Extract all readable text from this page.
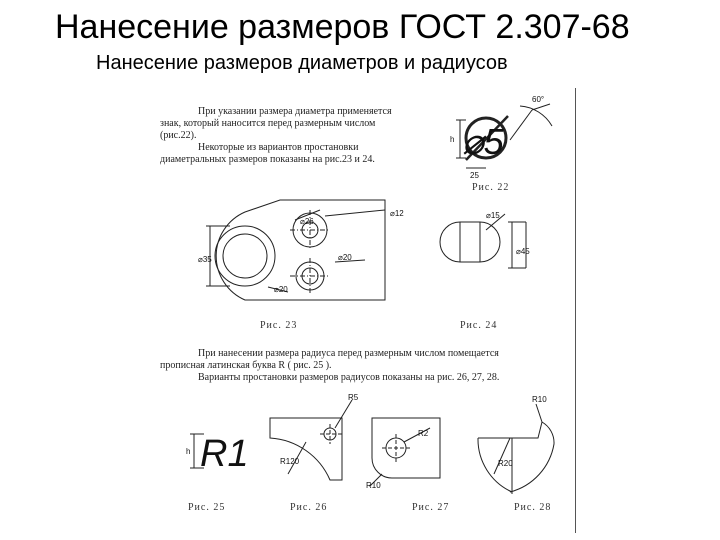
Нанесение размеров ГОСТ 2.307-68
Нанесение размеров диаметров и радиусов
При указании размера диаметра применяется
знак, который наносится перед размерным числом
(рис.22).
Некоторые из вариантов простановки
диаметральных размеров показаны на рис.23 и 24.
При нанесении размера радиуса перед размерным числом помещается
прописная латинская буква R ( рис. 25 ).
Варианты простановки размеров радиусов показаны на рис. 26, 27, 28.
Рис. 22
Рис. 23	Рис. 24
Рис. 25	Рис. 26	Рис. 27	Рис. 28
60°
h
25
⌀12
⌀26
⌀35
⌀20
⌀20
⌀15
⌀45
h
R5
R120
R2
R10
R10
R20
⌀5
R1
